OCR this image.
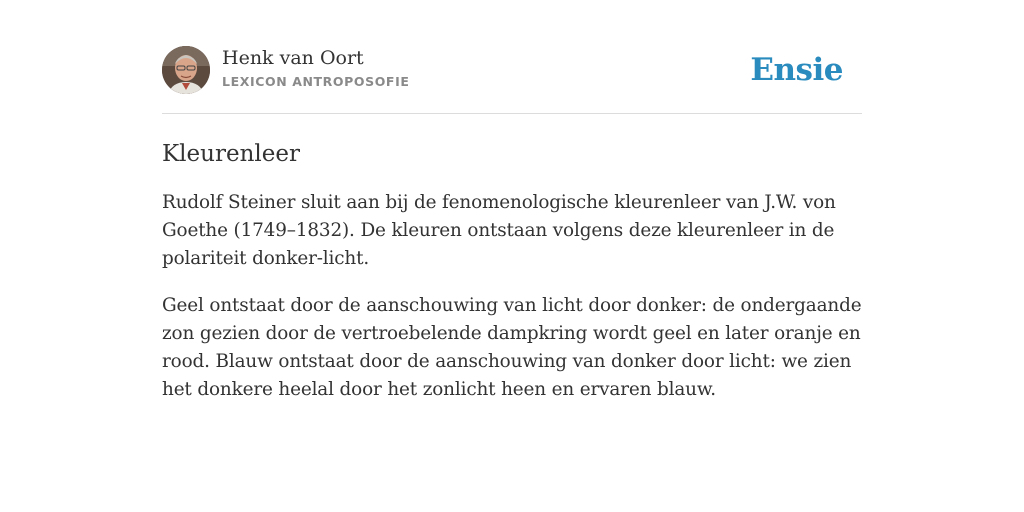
Henk van Oort
LEXICON ANTROPOSOFIE	Ensie
Kleurenleer

Rudolf Steiner sluit aan bij de fenomenologische kleurenleer van J.W. von Goethe (1749–1832). De kleuren ontstaan volgens deze kleurenleer in de polariteit donker-licht.

Geel ontstaat door de aanschouwing van licht door donker: de ondergaande zon gezien door de vertroebelende dampkring wordt geel en later oranje en rood. Blauw ontstaat door de aanschouwing van donker door licht: we zien het donkere heelal door het zonlicht heen en ervaren blauw.
